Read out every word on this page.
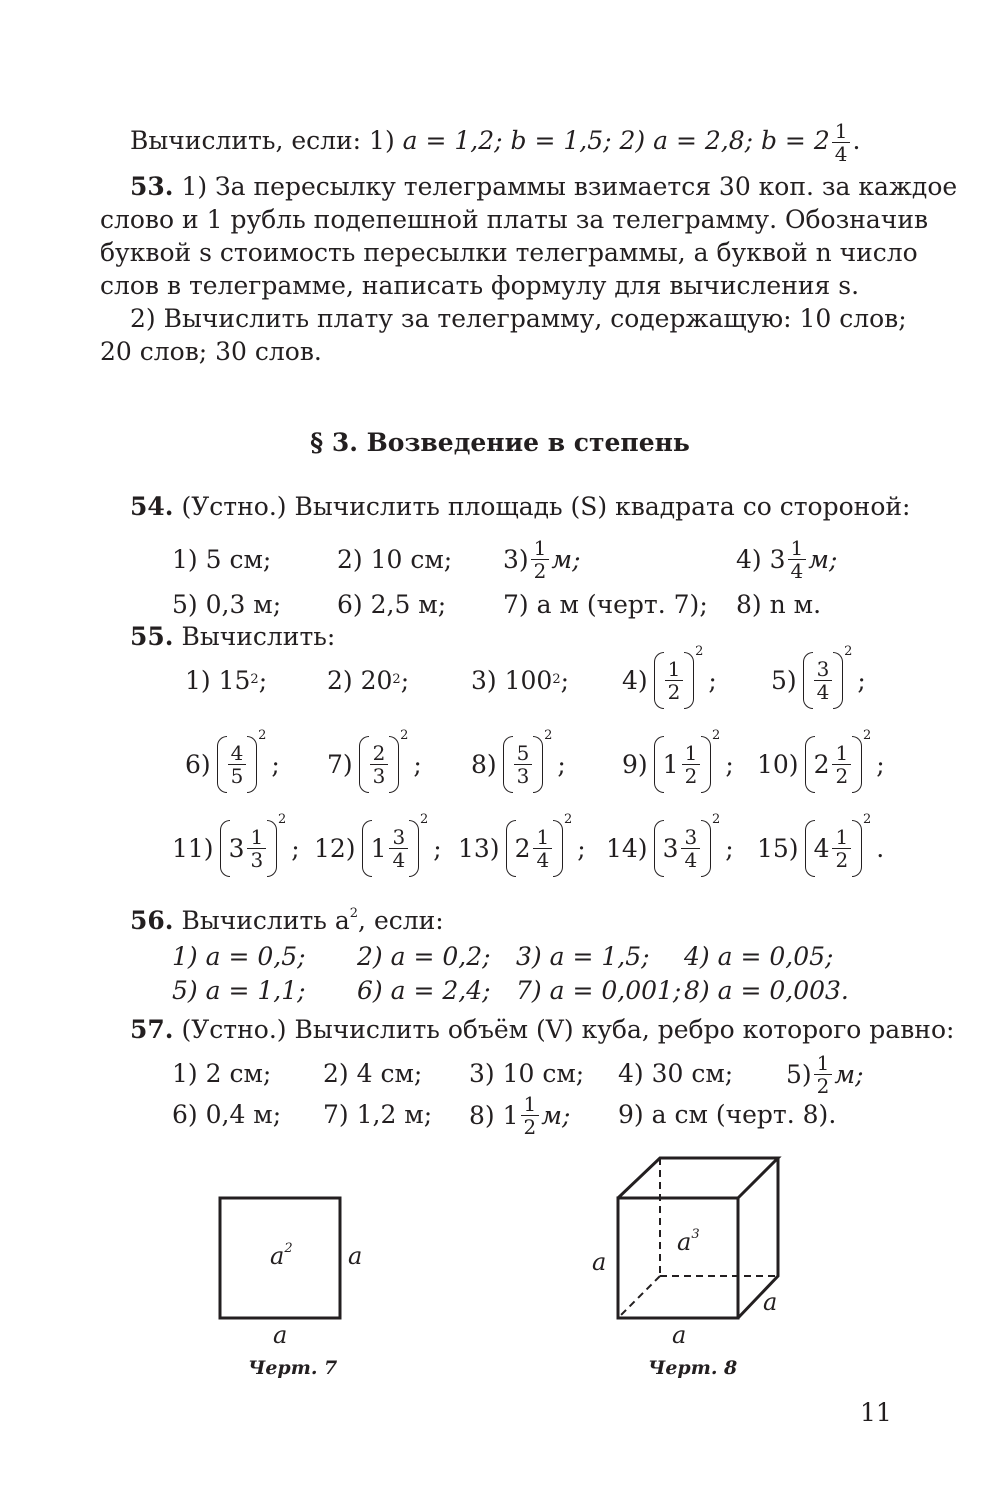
Вычислить, если: 1) a = 1,2; b = 1,5; 2) a = 2,8; $b = 2 \frac{1}{4}$ .
53. 1) За пересылку телеграммы взимается 30 коп. за каждое
слово и 1 рубль подепешной платы за телеграмму. Обозначив
буквой s стоимость пересылки телеграммы, а буквой n число
слов в телеграмме, написать формулу для вычисления s.
2) Вычислить плату за телеграмму, содержащую: 10 слов;
20 слов; 30 слов.
§ 3. Возведение в степень
54. (Устно.) Вычислить площадь (S) квадрата со стороной:
1) 5 см;	2) 10 см; $3) \frac{1}{2} м$;	4) $3 \frac{1}{4} м$;
5) 0,3 м; 6) 2,5 м; 7) а м (черт. 7); 8) n м.
55. Вычислить:
1) 15 2 ; 2) 20 2 ; 3) 100 2 ; $4) \frac{1}{2}$
2
; $5) \frac{3}{4}$
2
;
$6) \frac{4}{5}$
2
; $7) \frac{2}{3}$
2
; $8) \frac{5}{3}$
2
; 9) $1 \frac{1}{2}$
2
; 10) $2 \frac{1}{2}$
2
;
11) $3 \frac{1}{3}$
2
; 12) $1 \frac{3}{4}$
2
; 13) $2 \frac{1}{4}$
2
; 14) $3 \frac{3}{4}$
2
; 15) $4 \frac{1}{2}$
2
.
56. Вычислить $a^2$, если:
1) a = 0,5; 2) a = 0,2; 3) a = 1,5; 4) a = 0,05;
5) a = 1,1; 6) a = 2,4; 7) a = 0,001; 8) a = 0,003.
57. (Устно.) Вычислить объём (V) куба, ребро которого равно:
1) 2 см; 2) 4 см; 3) 10 см; 4) 30 см; $5) \frac{1}{2} м$;
6) 0,4 м; 7) 1,2 м; 8) $1 \frac{1}{2} м$; 9) a см (черт. 8).
$a^2$ a
a
Черт. 7
$a^3$
a
a
a
Черт. 8
11
